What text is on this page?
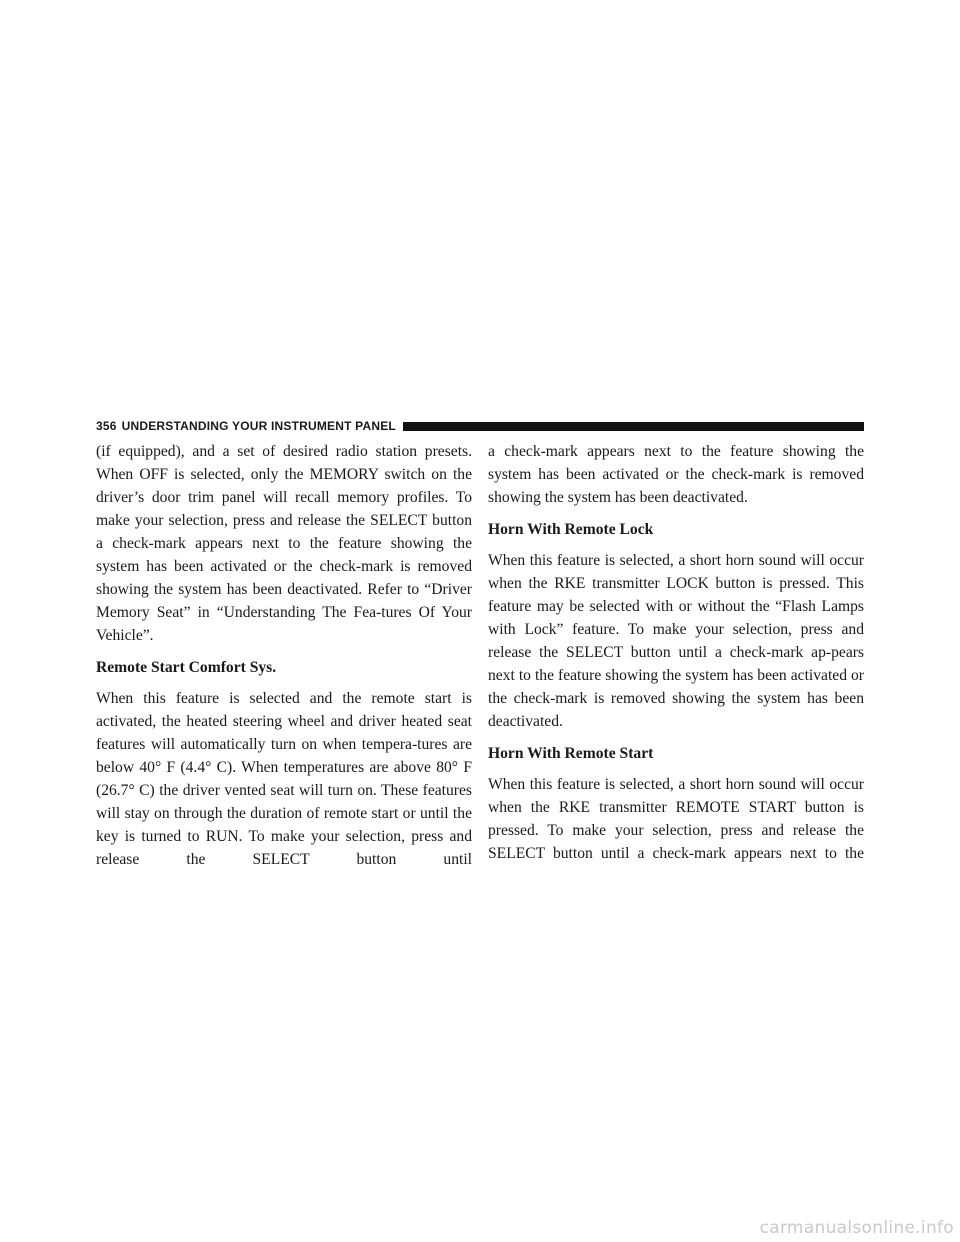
356 UNDERSTANDING YOUR INSTRUMENT PANEL

(if equipped), and a set of desired radio station presets. When OFF is selected, only the MEMORY switch on the driver’s door trim panel will recall memory profiles. To make your selection, press and release the SELECT button a check-mark appears next to the feature showing the system has been activated or the check-mark is removed showing the system has been deactivated. Refer to “Driver Memory Seat” in “Understanding The Fea-tures Of Your Vehicle”.

Remote Start Comfort Sys.

When this feature is selected and the remote start is activated, the heated steering wheel and driver heated seat features will automatically turn on when tempera-tures are below 40° F (4.4° C). When temperatures are above 80° F (26.7° C) the driver vented seat will turn on. These features will stay on through the duration of remote start or until the key is turned to RUN. To make your selection, press and release the SELECT button until

a check-mark appears next to the feature showing the system has been activated or the check-mark is removed showing the system has been deactivated.

Horn With Remote Lock

When this feature is selected, a short horn sound will occur when the RKE transmitter LOCK button is pressed. This feature may be selected with or without the “Flash Lamps with Lock” feature. To make your selection, press and release the SELECT button until a check-mark ap-pears next to the feature showing the system has been activated or the check-mark is removed showing the system has been deactivated.

Horn With Remote Start

When this feature is selected, a short horn sound will occur when the RKE transmitter REMOTE START button is pressed. To make your selection, press and release the SELECT button until a check-mark appears next to the

carmanualsonline.info
